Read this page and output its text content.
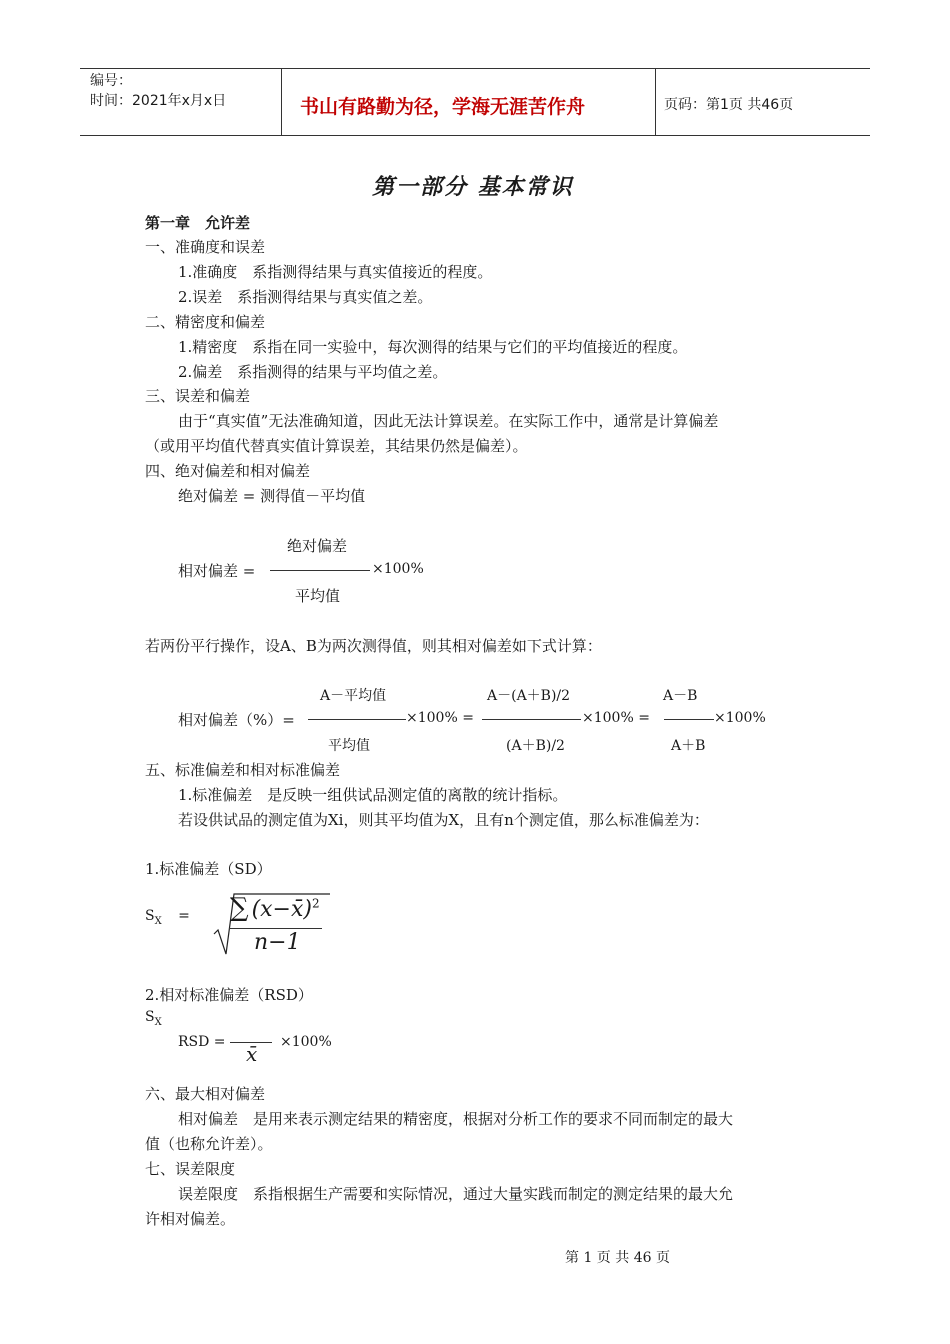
编号：
时间：2021年x月x日	书山有路勤为径，学海无涯苦作舟	页码：第1页 共46页
第一部分 基本常识
第一章　允许差
一、准确度和误差
1.准确度　系指测得结果与真实值接近的程度。
2.误差　系指测得结果与真实值之差。
二、精密度和偏差
1.精密度　系指在同一实验中，每次测得的结果与它们的平均值接近的程度。
2.偏差　系指测得的结果与平均值之差。
三、误差和偏差
由于“真实值”无法准确知道，因此无法计算误差。在实际工作中，通常是计算偏差
（或用平均值代替真实值计算误差，其结果仍然是偏差）。
四、绝对偏差和相对偏差
绝对偏差 = 测得值－平均值
绝对偏差
相对偏差 =	×100%
平均值
若两份平行操作，设A、B为两次测得值，则其相对偏差如下式计算：
相对偏差（%）=
A－平均值
×100% =
平均值
A－(A＋B)/2
×100% =
(A＋B)/2
A－B
×100%
A＋B
五、标准偏差和相对标准偏差
1.标准偏差　是反映一组供试品测定值的离散的统计指标。
若设供试品的测定值为Xi，则其平均值为X，且有n个测定值，那么标准偏差为：
1.标准偏差（SD）
$S_X$ = ∑ (x−x̄)$^2$
n−1
2.相对标准偏差（RSD）
$S_X$
RSD =	×100%
x̄
六、最大相对偏差
相对偏差　是用来表示测定结果的精密度，根据对分析工作的要求不同而制定的最大
值（也称允许差）。
七、误差限度
误差限度　系指根据生产需要和实际情况，通过大量实践而制定的测定结果的最大允
许相对偏差。
第 1 页 共 46 页
